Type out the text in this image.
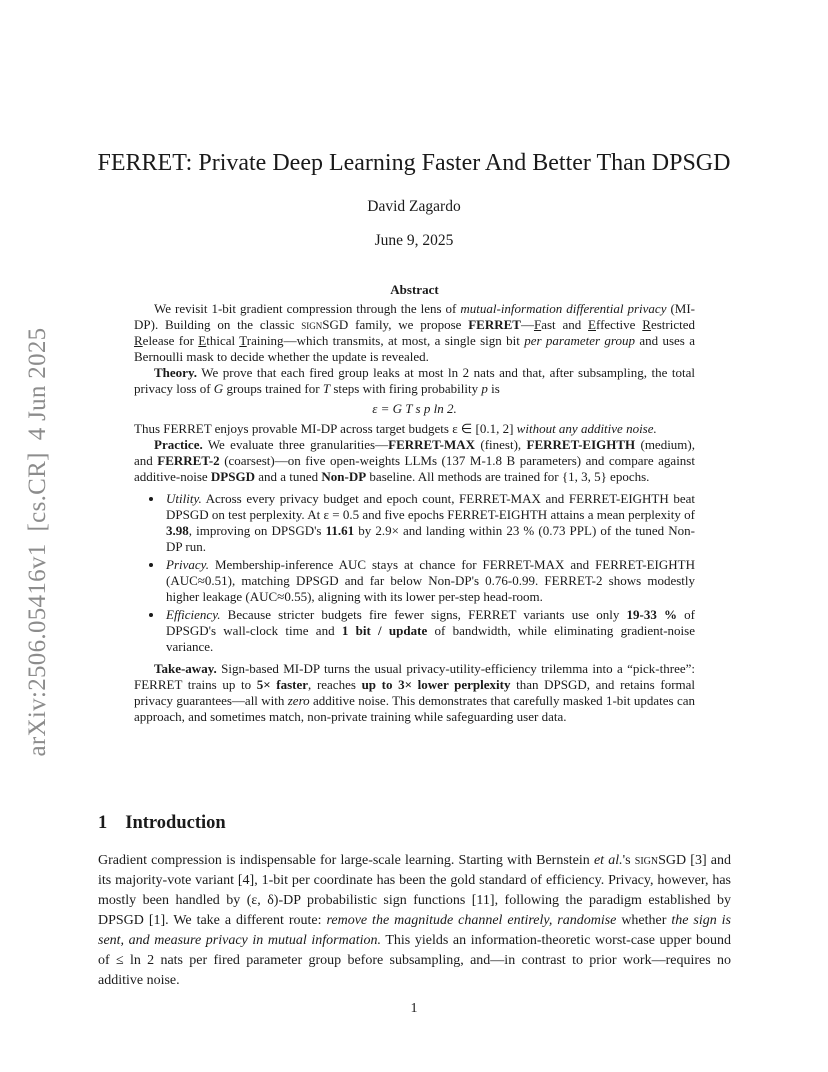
arXiv:2506.05416v1[cs.CR]4 Jun 2025
FERRET: Private Deep Learning Faster And Better Than DPSGD
David Zagardo
June 9, 2025
Abstract

We revisit 1-bit gradient compression through the lens of mutual-information differential privacy (MI-DP). Building on the classic signSGD family, we propose FERRET—Fast and Effective Restricted Release for Ethical Training—which transmits, at most, a single sign bit per parameter group and uses a Bernoulli mask to decide whether the update is revealed.

Theory. We prove that each fired group leaks at most ln 2 nats and that, after subsampling, the total privacy loss of G groups trained for T steps with firing probability p is

ε = G T s p ln 2.

Thus FERRET enjoys provable MI-DP across target budgets ε ∈ [0.1, 2] without any additive noise.

Practice. We evaluate three granularities—FERRET-MAX (finest), FERRET-EIGHTH (medium), and FERRET-2 (coarsest)—on five open-weights LLMs (137 M-1.8 B parameters) and compare against additive-noise DPSGD and a tuned Non-DP baseline. All methods are trained for {1, 3, 5} epochs.

• Utility. Across every privacy budget and epoch count, FERRET-MAX and FERRET-EIGHTH beat DPSGD on test perplexity. At ε = 0.5 and five epochs FERRET-EIGHTH attains a mean perplexity of 3.98, improving on DPSGD's 11.61 by 2.9× and landing within 23 % (0.73 PPL) of the tuned Non-DP run.
• Privacy. Membership-inference AUC stays at chance for FERRET-MAX and FERRET-EIGHTH (AUC≈0.51), matching DPSGD and far below Non-DP's 0.76-0.99. FERRET-2 shows modestly higher leakage (AUC≈0.55), aligning with its lower per-step head-room.
• Efficiency. Because stricter budgets fire fewer signs, FERRET variants use only 19-33 % of DPSGD's wall-clock time and 1 bit / update of bandwidth, while eliminating gradient-noise variance.

Take-away. Sign-based MI-DP turns the usual privacy-utility-efficiency trilemma into a “pick-three”: FERRET trains up to 5× faster, reaches up to 3× lower perplexity than DPSGD, and retains formal privacy guarantees—all with zero additive noise. This demonstrates that carefully masked 1-bit updates can approach, and sometimes match, non-private training while safeguarding user data.

1 Introduction

Gradient compression is indispensable for large-scale learning. Starting with Bernstein et al.'s signSGD [3] and its majority-vote variant [4], 1-bit per coordinate has been the gold standard of efficiency. Privacy, however, has mostly been handled by (ε, δ)-DP probabilistic sign functions [11], following the paradigm established by DPSGD [1]. We take a different route: remove the magnitude channel entirely, randomise whether the sign is sent, and measure privacy in mutual information. This yields an information-theoretic worst-case upper bound of ≤ ln 2 nats per fired parameter group before subsampling, and—in contrast to prior work—requires no additive noise.

1
